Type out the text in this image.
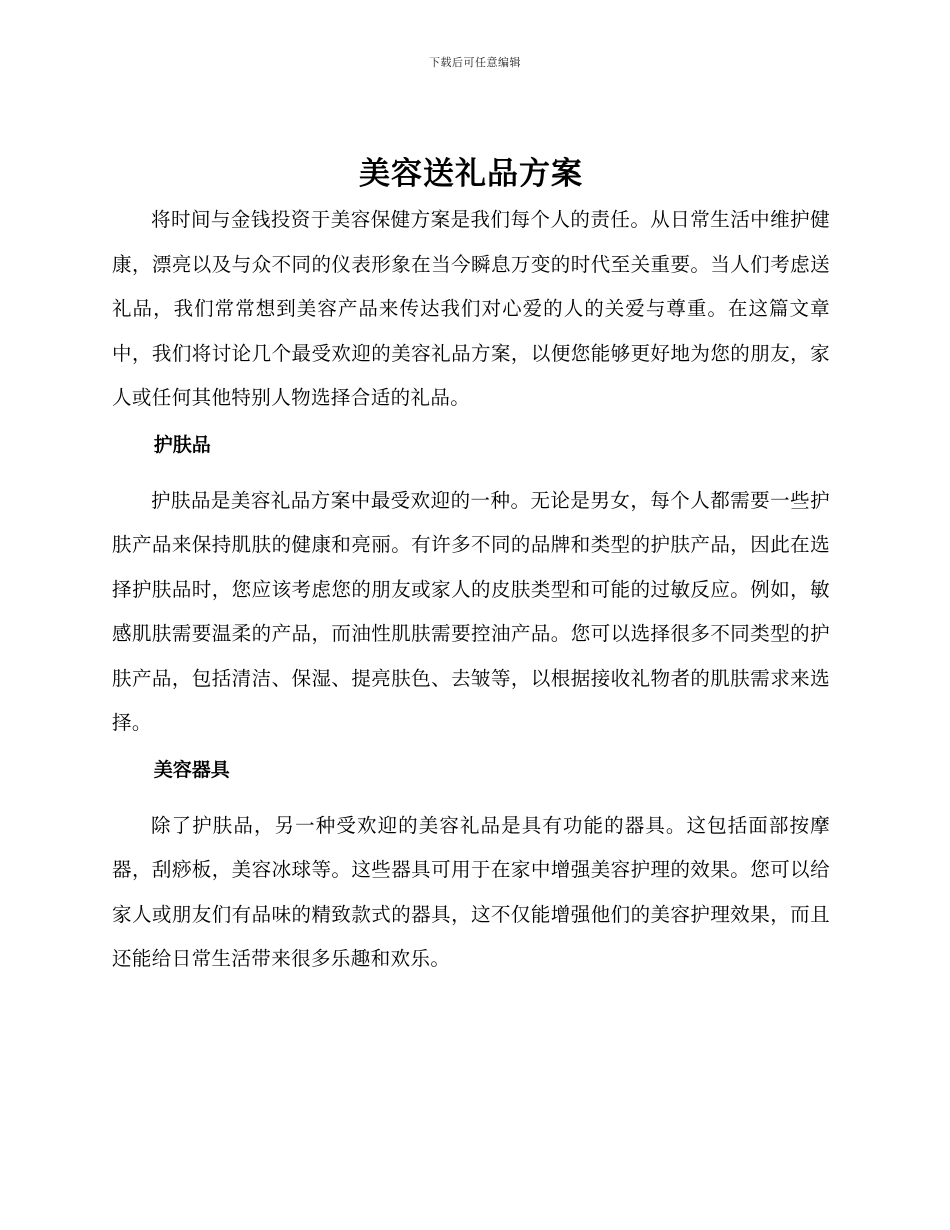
下载后可任意编辑
美容送礼品方案

将时间与金钱投资于美容保健方案是我们每个人的责任。从日常生活中维护健康，漂亮以及与众不同的仪表形象在当今瞬息万变的时代至关重要。当人们考虑送礼品，我们常常想到美容产品来传达我们对心爱的人的关爱与尊重。在这篇文章中，我们将讨论几个最受欢迎的美容礼品方案，以便您能够更好地为您的朋友，家人或任何其他特别人物选择合适的礼品。

护肤品

护肤品是美容礼品方案中最受欢迎的一种。无论是男女，每个人都需要一些护肤产品来保持肌肤的健康和亮丽。有许多不同的品牌和类型的护肤产品，因此在选择护肤品时，您应该考虑您的朋友或家人的皮肤类型和可能的过敏反应。例如，敏感肌肤需要温柔的产品，而油性肌肤需要控油产品。您可以选择很多不同类型的护肤产品，包括清洁、保湿、提亮肤色、去皱等，以根据接收礼物者的肌肤需求来选择。

美容器具

除了护肤品，另一种受欢迎的美容礼品是具有功能的器具。这包括面部按摩器，刮痧板，美容冰球等。这些器具可用于在家中增强美容护理的效果。您可以给家人或朋友们有品味的精致款式的器具，这不仅能增强他们的美容护理效果，而且还能给日常生活带来很多乐趣和欢乐。
